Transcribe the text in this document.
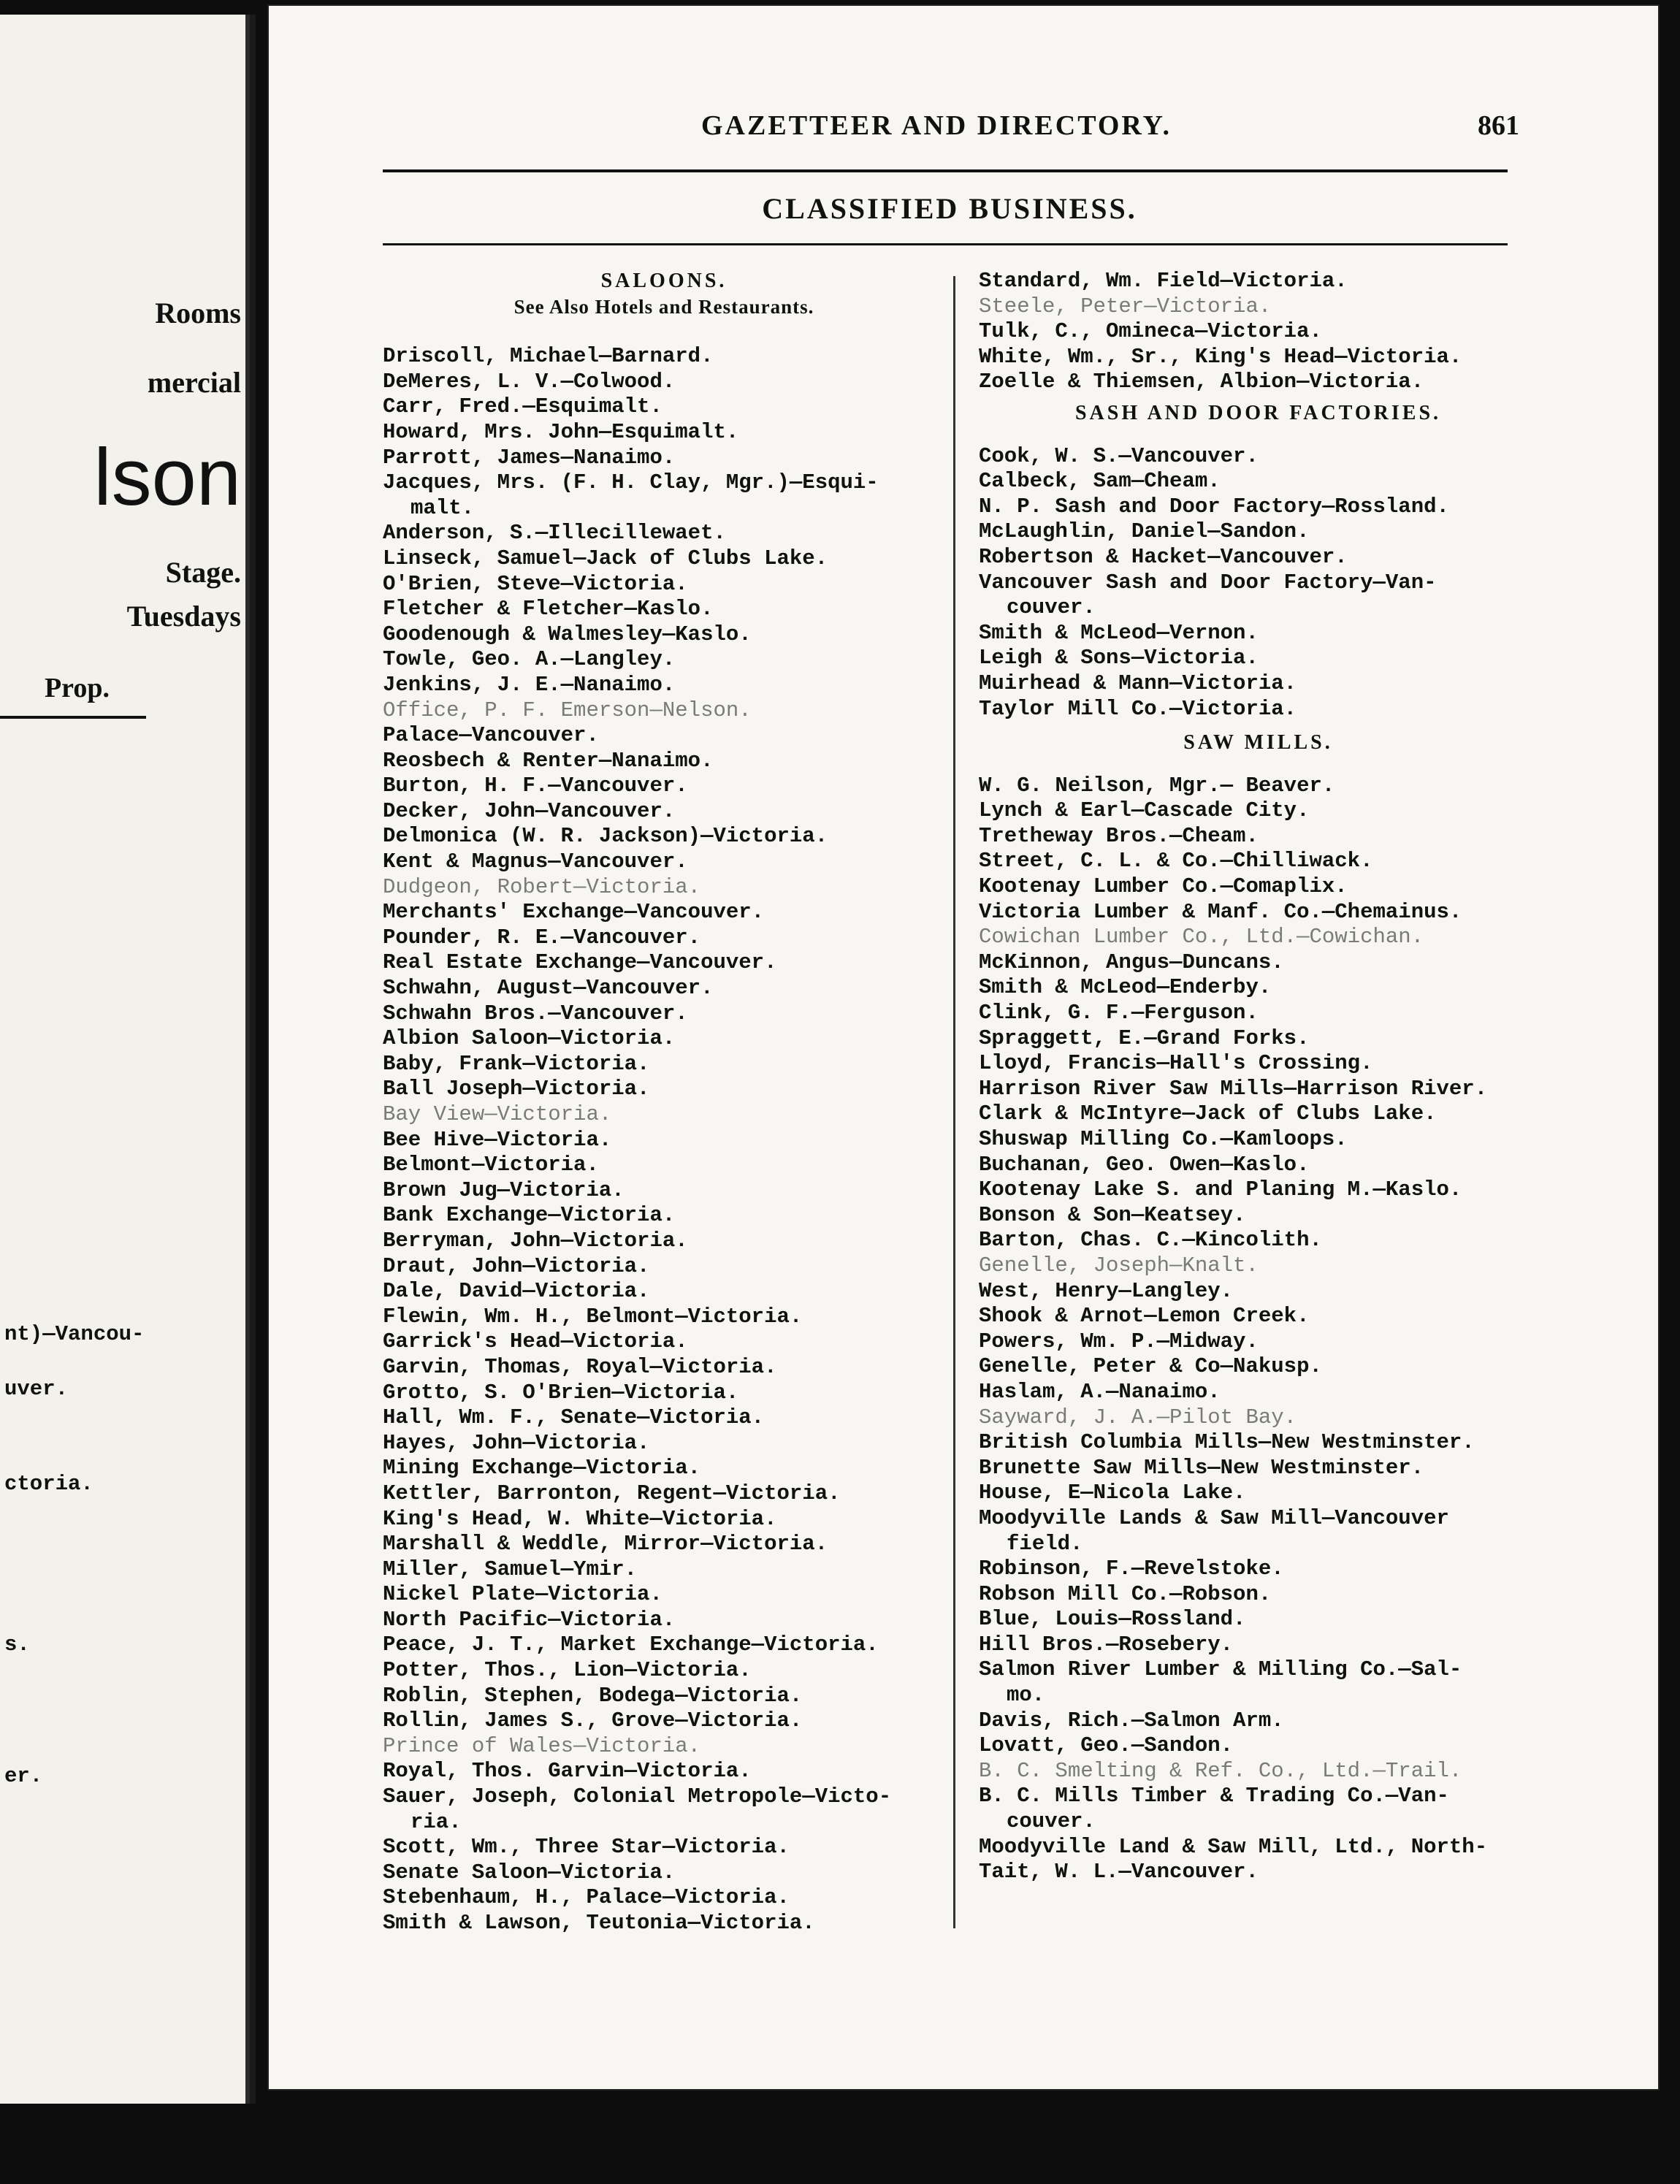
Rooms
mercial
lson
Stage.
Tuesdays
Prop.
nt)—Vancou-
uver.
ctoria.
s.
er.
GAZETTEER AND DIRECTORY.	861
CLASSIFIED BUSINESS.
SALOONS.
See Also Hotels and Restaurants.
Driscoll, Michael—Barnard.
DeMeres, L. V.—Colwood.
Carr, Fred.—Esquimalt.
Howard, Mrs. John—Esquimalt.
Parrott, James—Nanaimo.
Jacques, Mrs. (F. H. Clay, Mgr.)—Esqui-
malt.
Anderson, S.—Illecillewaet.
Linseck, Samuel—Jack of Clubs Lake.
O'Brien, Steve—Victoria.
Fletcher & Fletcher—Kaslo.
Goodenough & Walmesley—Kaslo.
Towle, Geo. A.—Langley.
Jenkins, J. E.—Nanaimo.
Office, P. F. Emerson—Nelson.
Palace—Vancouver.
Reosbech & Renter—Nanaimo.
Burton, H. F.—Vancouver.
Decker, John—Vancouver.
Delmonica (W. R. Jackson)—Victoria.
Kent & Magnus—Vancouver.
Dudgeon, Robert—Victoria.
Merchants' Exchange—Vancouver.
Pounder, R. E.—Vancouver.
Real Estate Exchange—Vancouver.
Schwahn, August—Vancouver.
Schwahn Bros.—Vancouver.
Albion Saloon—Victoria.
Baby, Frank—Victoria.
Ball Joseph—Victoria.
Bay View—Victoria.
Bee Hive—Victoria.
Belmont—Victoria.
Brown Jug—Victoria.
Bank Exchange—Victoria.
Berryman, John—Victoria.
Draut, John—Victoria.
Dale, David—Victoria.
Flewin, Wm. H., Belmont—Victoria.
Garrick's Head—Victoria.
Garvin, Thomas, Royal—Victoria.
Grotto, S. O'Brien—Victoria.
Hall, Wm. F., Senate—Victoria.
Hayes, John—Victoria.
Mining Exchange—Victoria.
Kettler, Barronton, Regent—Victoria.
King's Head, W. White—Victoria.
Marshall & Weddle, Mirror—Victoria.
Miller, Samuel—Ymir.
Nickel Plate—Victoria.
North Pacific—Victoria.
Peace, J. T., Market Exchange—Victoria.
Potter, Thos., Lion—Victoria.
Roblin, Stephen, Bodega—Victoria.
Rollin, James S., Grove—Victoria.
Prince of Wales—Victoria.
Royal, Thos. Garvin—Victoria.
Sauer, Joseph, Colonial Metropole—Victo-
ria.
Scott, Wm., Three Star—Victoria.
Senate Saloon—Victoria.
Stebenhaum, H., Palace—Victoria.
Smith & Lawson, Teutonia—Victoria.
Standard, Wm. Field—Victoria.
Steele, Peter—Victoria.
Tulk, C., Omineca—Victoria.
White, Wm., Sr., King's Head—Victoria.
Zoelle & Thiemsen, Albion—Victoria.
SASH AND DOOR FACTORIES.
Cook, W. S.—Vancouver.
Calbeck, Sam—Cheam.
N. P. Sash and Door Factory—Rossland.
McLaughlin, Daniel—Sandon.
Robertson & Hacket—Vancouver.
Vancouver Sash and Door Factory—Van-
couver.
Smith & McLeod—Vernon.
Leigh & Sons—Victoria.
Muirhead & Mann—Victoria.
Taylor Mill Co.—Victoria.
SAW MILLS.
W. G. Neilson, Mgr.— Beaver.
Lynch & Earl—Cascade City.
Tretheway Bros.—Cheam.
Street, C. L. & Co.—Chilliwack.
Kootenay Lumber Co.—Comaplix.
Victoria Lumber & Manf. Co.—Chemainus.
Cowichan Lumber Co., Ltd.—Cowichan.
McKinnon, Angus—Duncans.
Smith & McLeod—Enderby.
Clink, G. F.—Ferguson.
Spraggett, E.—Grand Forks.
Lloyd, Francis—Hall's Crossing.
Harrison River Saw Mills—Harrison River.
Clark & McIntyre—Jack of Clubs Lake.
Shuswap Milling Co.—Kamloops.
Buchanan, Geo. Owen—Kaslo.
Kootenay Lake S. and Planing M.—Kaslo.
Bonson & Son—Keatsey.
Barton, Chas. C.—Kincolith.
Genelle, Joseph—Knalt.
West, Henry—Langley.
Shook & Arnot—Lemon Creek.
Powers, Wm. P.—Midway.
Genelle, Peter & Co—Nakusp.
Haslam, A.—Nanaimo.
Sayward, J. A.—Pilot Bay.
British Columbia Mills—New Westminster.
Brunette Saw Mills—New Westminster.
House, E—Nicola Lake.
Moodyville Lands & Saw Mill—Vancouver
field.
Robinson, F.—Revelstoke.
Robson Mill Co.—Robson.
Blue, Louis—Rossland.
Hill Bros.—Rosebery.
Salmon River Lumber & Milling Co.—Sal-
mo.
Davis, Rich.—Salmon Arm.
Lovatt, Geo.—Sandon.
B. C. Smelting & Ref. Co., Ltd.—Trail.
B. C. Mills Timber & Trading Co.—Van-
couver.
Moodyville Land & Saw Mill, Ltd., North-
Tait, W. L.—Vancouver.
